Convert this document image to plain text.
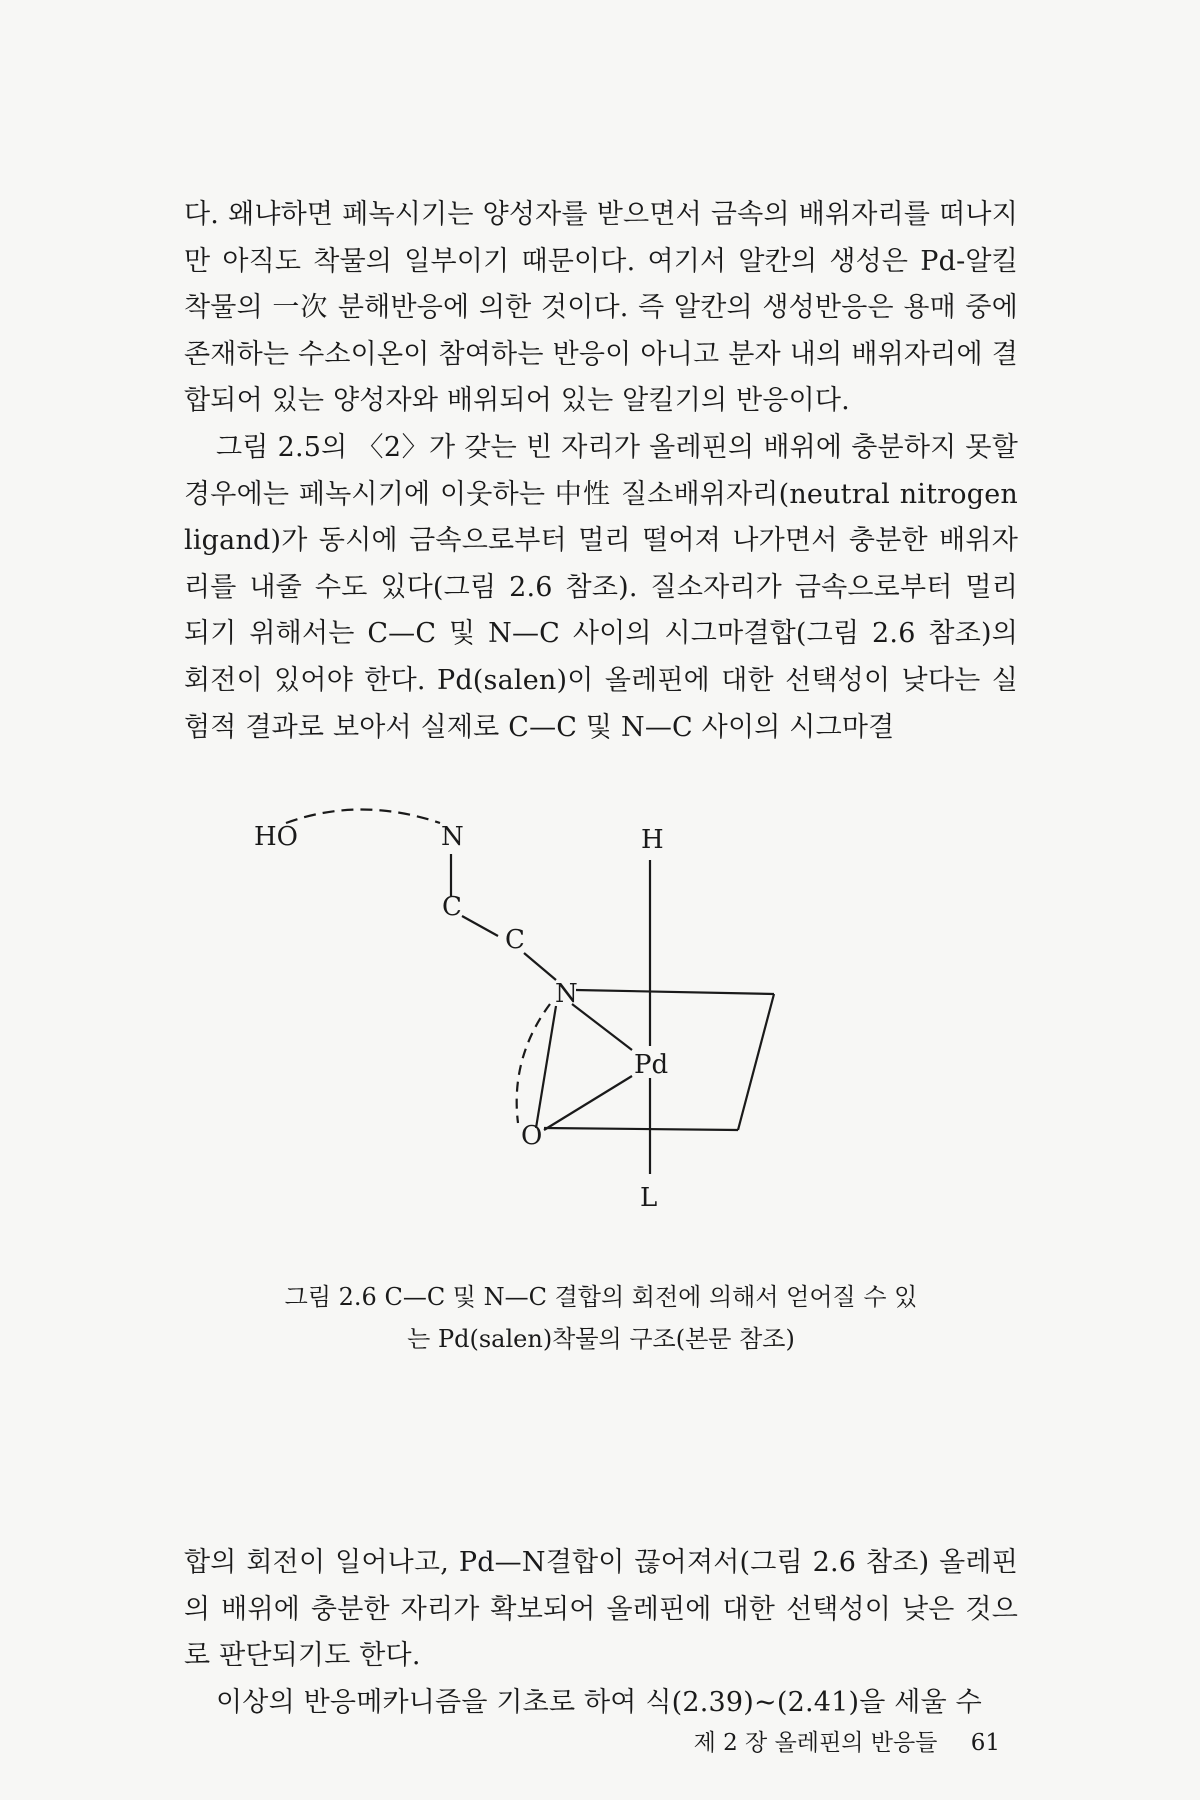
다. 왜냐하면 페녹시기는 양성자를 받으면서 금속의 배위자리를 떠나지만 아직도 착물의 일부이기 때문이다. 여기서 알칸의 생성은 Pd-알킬 착물의 一次 분해반응에 의한 것이다. 즉 알칸의 생성반응은 용매 중에 존재하는 수소이온이 참여하는 반응이 아니고 분자 내의 배위자리에 결합되어 있는 양성자와 배위되어 있는 알킬기의 반응이다.

그림 2.5의 〈2〉가 갖는 빈 자리가 올레핀의 배위에 충분하지 못할 경우에는 페녹시기에 이웃하는 中性 질소배위자리(neutral nitrogen ligand)가 동시에 금속으로부터 멀리 떨어져 나가면서 충분한 배위자리를 내줄 수도 있다(그림 2.6 참조). 질소자리가 금속으로부터 멀리 되기 위해서는 C—C 및 N—C 사이의 시그마결합(그림 2.6 참조)의 회전이 있어야 한다. Pd(salen)이 올레핀에 대한 선택성이 낮다는 실험적 결과로 보아서 실제로 C—C 및 N—C 사이의 시그마결

HO	N
C
C
H
N
Pd
O
L
그림 2.6 C—C 및 N—C 결합의 회전에 의해서 얻어질 수 있
는 Pd(salen)착물의 구조(본문 참조)

합의 회전이 일어나고, Pd—N결합이 끊어져서(그림 2.6 참조) 올레핀의 배위에 충분한 자리가 확보되어 올레핀에 대한 선택성이 낮은 것으로 판단되기도 한다.

이상의 반응메카니즘을 기초로 하여 식(2.39)~(2.41)을 세울 수

제 2 장 올레핀의 반응들 61
